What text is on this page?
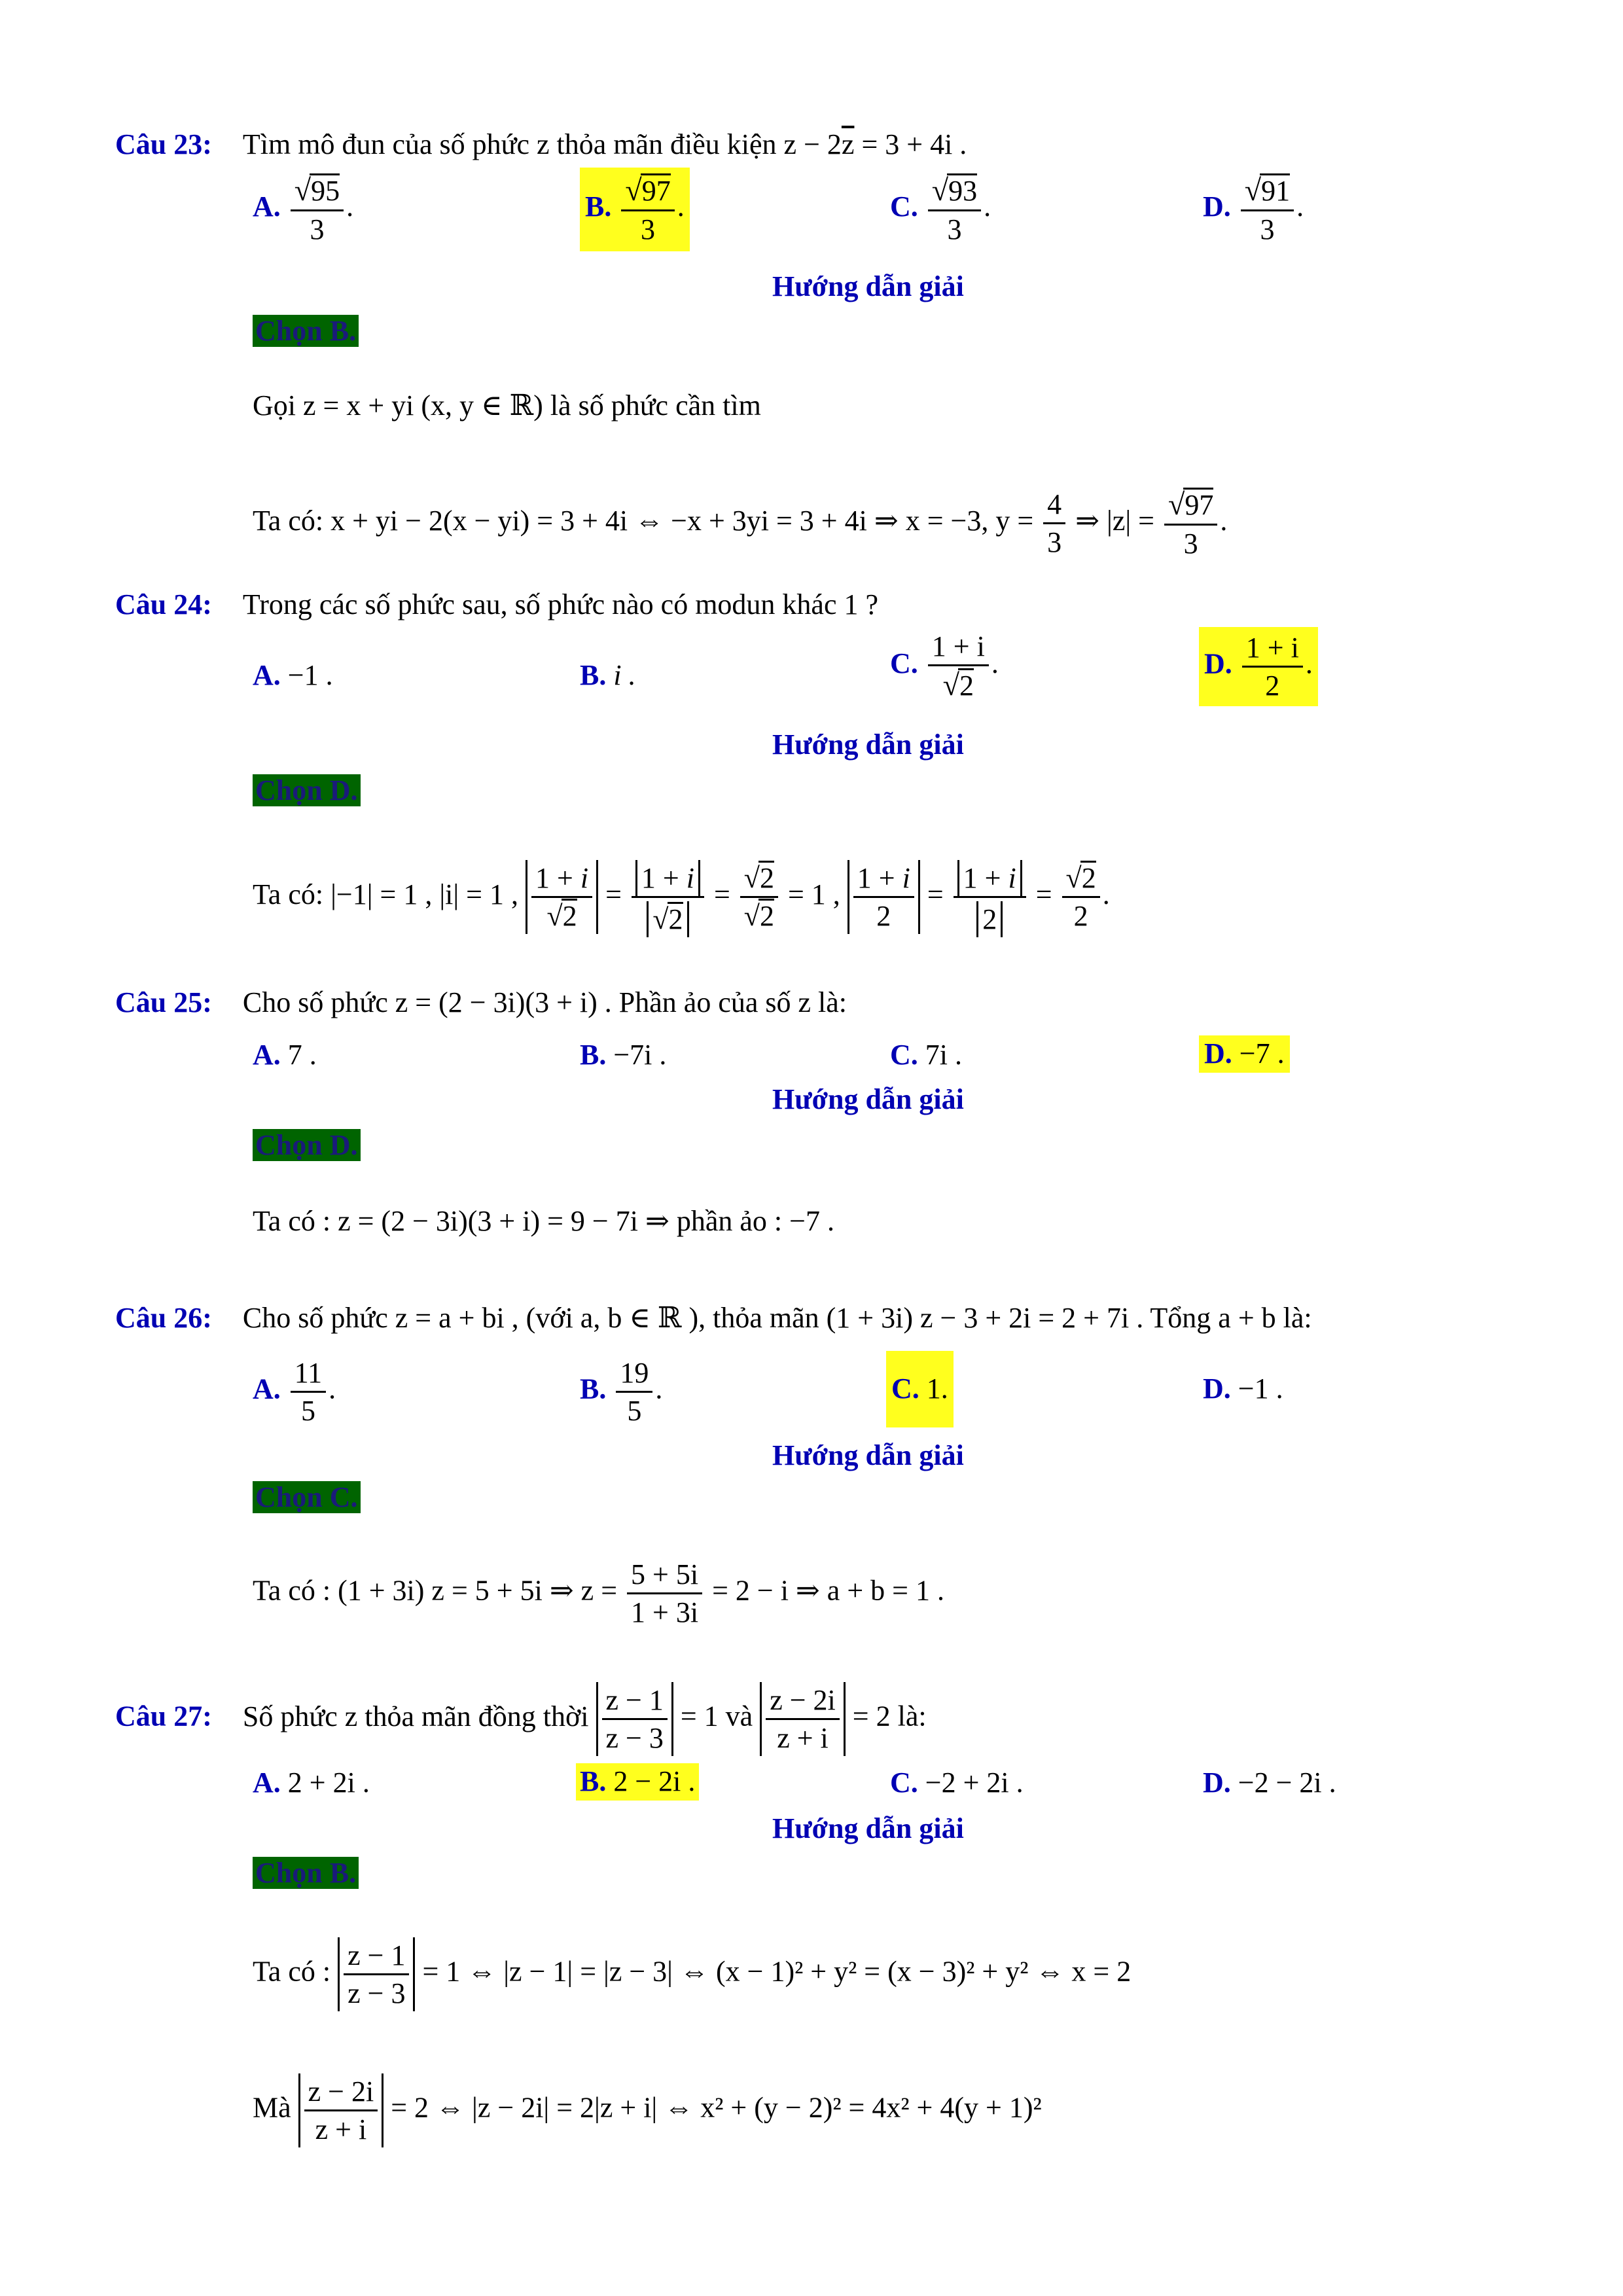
Câu 23: Tìm mô đun của số phức z thỏa mãn điều kiện $z - 2\overline{z} = 3 + 4i$ .
A. $\frac{√95}{3}$ .	B. $\frac{√97}{3}$ .	C. $\frac{√93}{3}$ .	D. $\frac{√91}{3}$ .
Hướng dẫn giải
Chọn B.
Gọi z = x + yi (x, y ∈ ℝ) là số phức cần tìm
Ta có: x + yi − 2(x − yi) = 3 + 4i ⇔ −x + 3yi = 3 + 4i ⇒ x = −3, $y = \frac{4}{3}$ ⇒ $|z| = \frac{√97}{3}$ .
Câu 24: Trong các số phức sau, số phức nào có modun khác 1 ?
A. −1 .	B. i .	C. $\frac{1 + i}{√2}$ .	D. $\frac{1 + i}{2}$ .
Hướng dẫn giải
Chọn D.
Ta có: |−1| = 1 , |i| = 1 , $\frac{1 + i}{√2} = \frac{1 + i}{√2} = \frac{√2}{√2} = 1$ , $\frac{1 + i}{2} = \frac{1 + i}{2} = \frac{√2}{2}$ .
Câu 25: Cho số phức z = (2 − 3i)(3 + i) . Phần ảo của số z là:
A. 7 .	B. −7i .	C. 7i .	D. −7 .
Hướng dẫn giải
Chọn D.
Ta có : z = (2 − 3i)(3 + i) = 9 − 7i ⇒ phần ảo : −7 .
Câu 26: Cho số phức z = a + bi , (với a, b ∈ ℝ ), thỏa mãn (1 + 3i) z − 3 + 2i = 2 + 7i . Tổng a + b là:
A. $\frac{11}{5}$ .	B. $\frac{19}{5}$ .	C. 1.	D. −1 .
Hướng dẫn giải
Chọn C.
Ta có : (1 + 3i) z = 5 + 5i ⇒ $z = \frac{5 + 5i}{1 + 3i} = 2 - i$ ⇒ a + b = 1 .
Câu 27: Số phức z thỏa mãn đồng thời $\frac{z - 1}{z - 3} = 1$ và $\frac{z - 2i}{z + i} = 2$ là:
A. 2 + 2i .	B. 2 − 2i .	C. −2 + 2i .	D. −2 − 2i .
Hướng dẫn giải
Chọn B.
Ta có : $\frac{z - 1}{z - 3} = 1$ ⇔ |z − 1| = |z − 3| ⇔ (x − 1)² + y² = (x − 3)² + y² ⇔ x = 2
Mà $\frac{z - 2i}{z + i} = 2$ ⇔ |z − 2i| = 2|z + i| ⇔ x² + (y − 2)² = 4x² + 4(y + 1)²
